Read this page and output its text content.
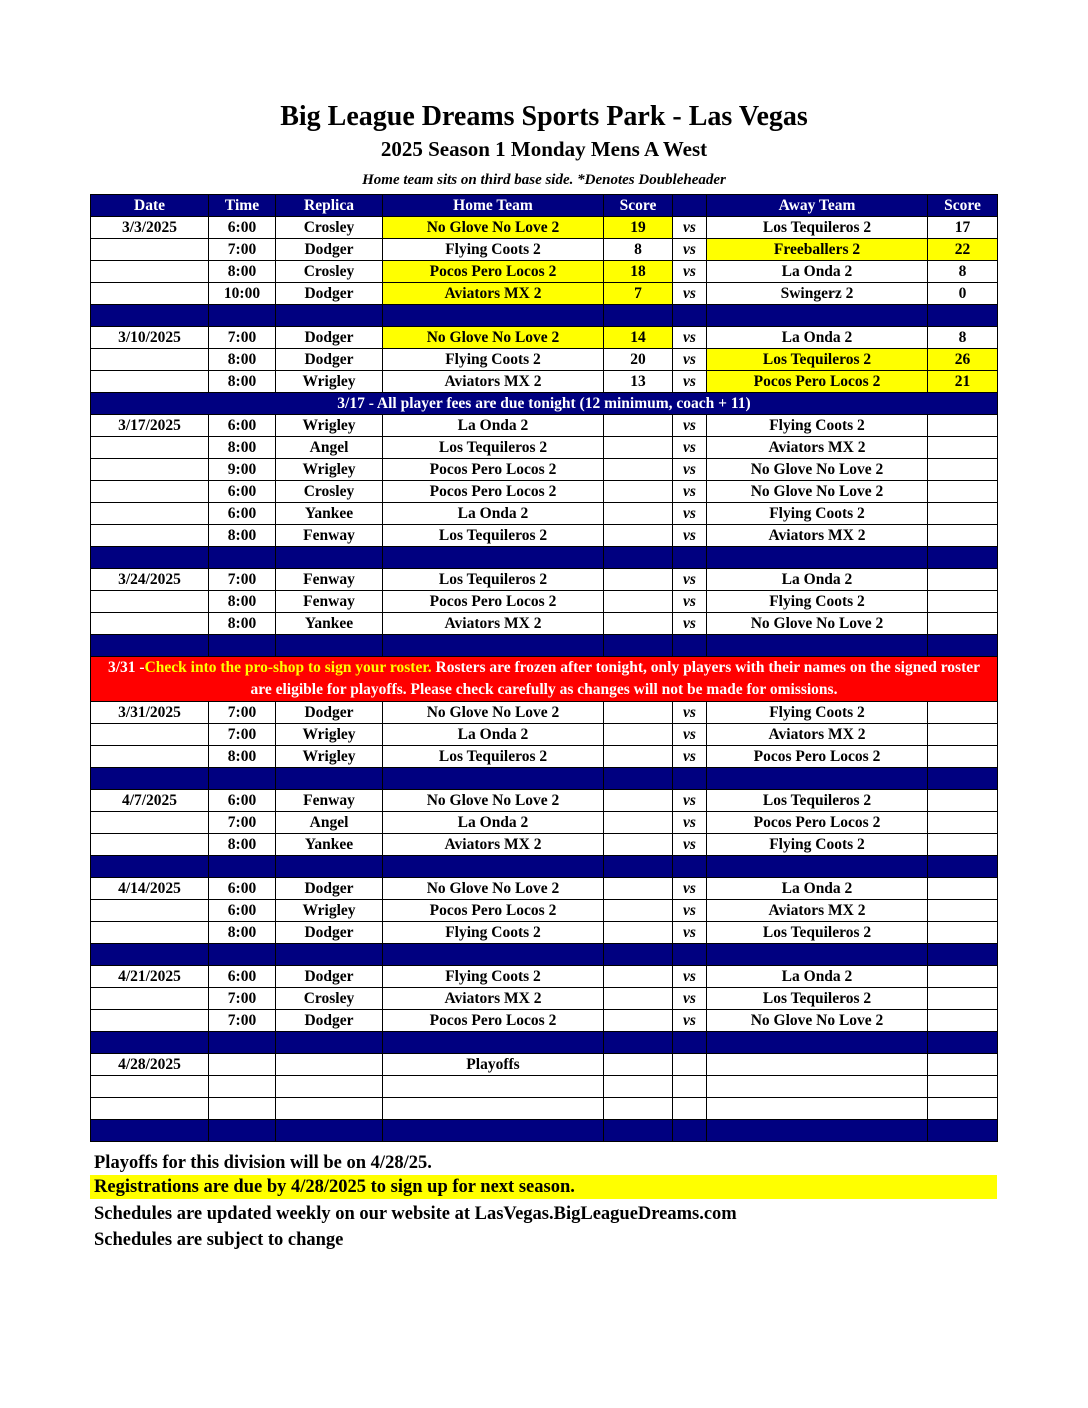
Big League Dreams Sports Park - Las Vegas
2025 Season 1 Monday Mens A West
Home team sits on third base side. *Denotes Doubleheader
Date	Time	Replica	Home Team	Score		Away Team	Score
3/3/2025	6:00	Crosley	No Glove No Love 2	19	vs	Los Tequileros 2	17
	7:00	Dodger	Flying Coots 2	8	vs	Freeballers 2	22
	8:00	Crosley	Pocos Pero Locos 2	18	vs	La Onda 2	8
	10:00	Dodger	Aviators MX 2	7	vs	Swingerz 2	0

3/10/2025	7:00	Dodger	No Glove No Love 2	14	vs	La Onda 2	8
	8:00	Dodger	Flying Coots 2	20	vs	Los Tequileros 2	26
	8:00	Wrigley	Aviators MX 2	13	vs	Pocos Pero Locos 2	21
3/17 - All player fees are due tonight (12 minimum, coach + 11)							
3/17/2025	6:00	Wrigley	La Onda 2		vs	Flying Coots 2	
	8:00	Angel	Los Tequileros 2		vs	Aviators MX 2	
	9:00	Wrigley	Pocos Pero Locos 2		vs	No Glove No Love 2	
	6:00	Crosley	Pocos Pero Locos 2		vs	No Glove No Love 2	
	6:00	Yankee	La Onda 2		vs	Flying Coots 2	
	8:00	Fenway	Los Tequileros 2		vs	Aviators MX 2	

3/24/2025	7:00	Fenway	Los Tequileros 2		vs	La Onda 2	
	8:00	Fenway	Pocos Pero Locos 2		vs	Flying Coots 2	
	8:00	Yankee	Aviators MX 2		vs	No Glove No Love 2	

3/31 -Check into the pro-shop to sign your roster. Rosters are frozen after tonight, only players with their names on the signed roster are eligible for playoffs. Please check carefully as changes will not be made for omissions.							
3/31/2025	7:00	Dodger	No Glove No Love 2		vs	Flying Coots 2	
	7:00	Wrigley	La Onda 2		vs	Aviators MX 2	
	8:00	Wrigley	Los Tequileros 2		vs	Pocos Pero Locos 2	

4/7/2025	6:00	Fenway	No Glove No Love 2		vs	Los Tequileros 2	
	7:00	Angel	La Onda 2		vs	Pocos Pero Locos 2	
	8:00	Yankee	Aviators MX 2		vs	Flying Coots 2	

4/14/2025	6:00	Dodger	No Glove No Love 2		vs	La Onda 2	
	6:00	Wrigley	Pocos Pero Locos 2		vs	Aviators MX 2	
	8:00	Dodger	Flying Coots 2		vs	Los Tequileros 2	

4/21/2025	6:00	Dodger	Flying Coots 2		vs	La Onda 2	
	7:00	Crosley	Aviators MX 2		vs	Los Tequileros 2	
	7:00	Dodger	Pocos Pero Locos 2		vs	No Glove No Love 2	

4/28/2025			Playoffs				

Playoffs for this division will be on 4/28/25.
Registrations are due by 4/28/2025 to sign up for next season.
Schedules are updated weekly on our website at LasVegas.BigLeagueDreams.com
Schedules are subject to change
